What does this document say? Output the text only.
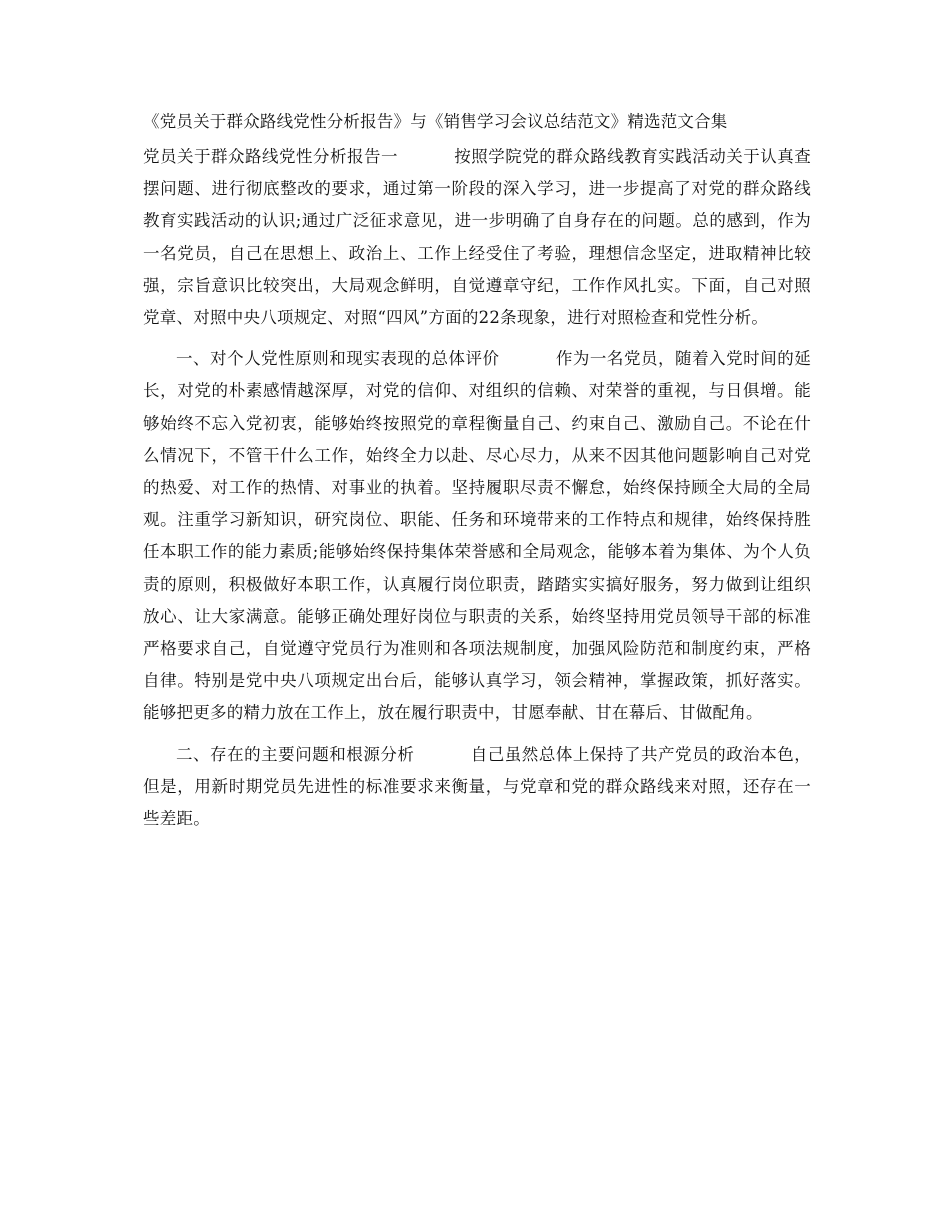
《党员关于群众路线党性分析报告》与《销售学习会议总结范文》精选范文合集

党员关于群众路线党性分析报告一	按照学院党的群众路线教育实践活动关于认真查摆问题、进行彻底整改的要求，通过第一阶段的深入学习，进一步提高了对党的群众路线教育实践活动的认识;通过广泛征求意见，进一步明确了自身存在的问题。总的感到，作为一名党员，自己在思想上、政治上、工作上经受住了考验，理想信念坚定，进取精神比较强，宗旨意识比较突出，大局观念鲜明，自觉遵章守纪，工作作风扎实。下面，自己对照党章、对照中央八项规定、对照“四风”方面的22条现象，进行对照检查和党性分析。

一、对个人党性原则和现实表现的总体评价	作为一名党员，随着入党时间的延长，对党的朴素感情越深厚，对党的信仰、对组织的信赖、对荣誉的重视，与日俱增。能够始终不忘入党初衷，能够始终按照党的章程衡量自己、约束自己、激励自己。不论在什么情况下，不管干什么工作，始终全力以赴、尽心尽力，从来不因其他问题影响自己对党的热爱、对工作的热情、对事业的执着。坚持履职尽责不懈怠，始终保持顾全大局的全局观。注重学习新知识，研究岗位、职能、任务和环境带来的工作特点和规律，始终保持胜任本职工作的能力素质;能够始终保持集体荣誉感和全局观念，能够本着为集体、为个人负责的原则，积极做好本职工作，认真履行岗位职责，踏踏实实搞好服务，努力做到让组织放心、让大家满意。能够正确处理好岗位与职责的关系，始终坚持用党员领导干部的标准严格要求自己，自觉遵守党员行为准则和各项法规制度，加强风险防范和制度约束，严格自律。特别是党中央八项规定出台后，能够认真学习，领会精神，掌握政策，抓好落实。能够把更多的精力放在工作上，放在履行职责中，甘愿奉献、甘在幕后、甘做配角。

二、存在的主要问题和根源分析	自己虽然总体上保持了共产党员的政治本色，但是，用新时期党员先进性的标准要求来衡量，与党章和党的群众路线来对照，还存在一些差距。
